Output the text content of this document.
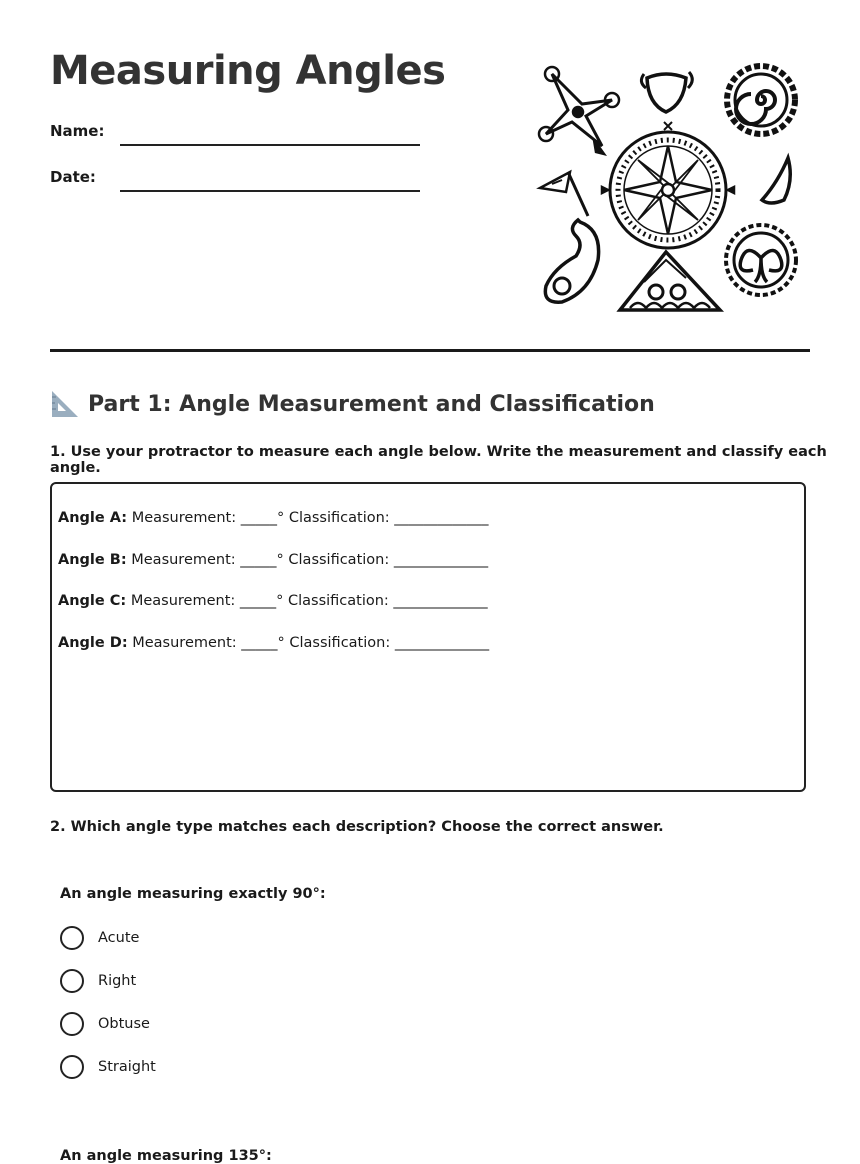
Measuring Angles
Name:
Date:
Part 1: Angle Measurement and Classification

1. Use your protractor to measure each angle below. Write the measurement and classify each angle.

Angle A: Measurement: _____° Classification: _____________
Angle B: Measurement: _____° Classification: _____________
Angle C: Measurement: _____° Classification: _____________
Angle D: Measurement: _____° Classification: _____________

2. Which angle type matches each description? Choose the correct answer.

An angle measuring exactly 90°:
Acute
Right
Obtuse
Straight
An angle measuring 135°:
